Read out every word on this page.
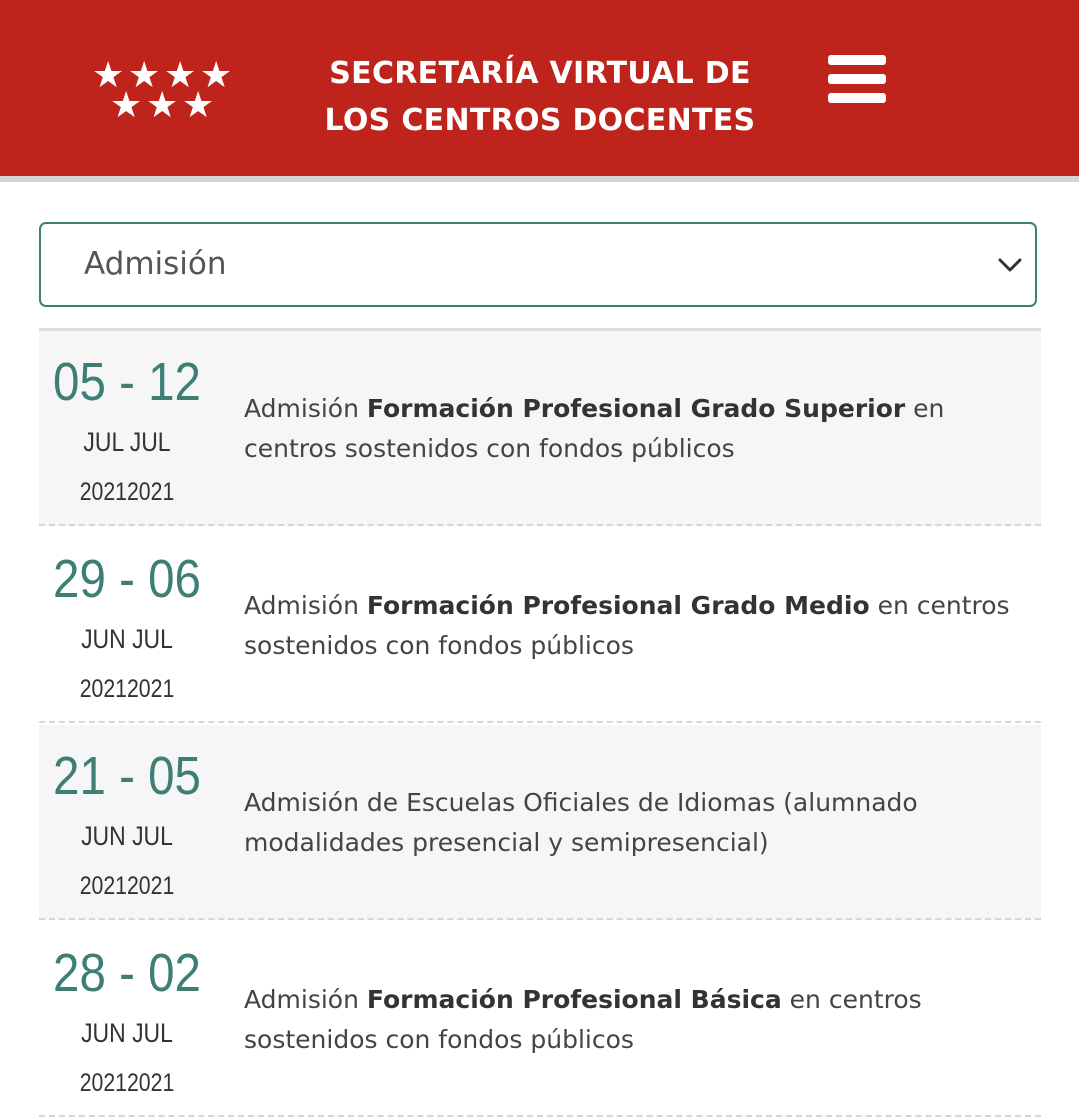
★ ★ ★ ★
★ ★ ★
SECRETARÍA VIRTUAL DE
LOS CENTROS DOCENTES
Admisión
05 - 12
JUL JUL
20212021
Admisión Formación Profesional Grado Superior en centros sostenidos con fondos públicos
29 - 06
JUN JUL
20212021
Admisión Formación Profesional Grado Medio en centros sostenidos con fondos públicos
21 - 05
JUN JUL
20212021
Admisión de Escuelas Oficiales de Idiomas (alumnado modalidades presencial y semipresencial)
28 - 02
JUN JUL
20212021
Admisión Formación Profesional Básica en centros sostenidos con fondos públicos
